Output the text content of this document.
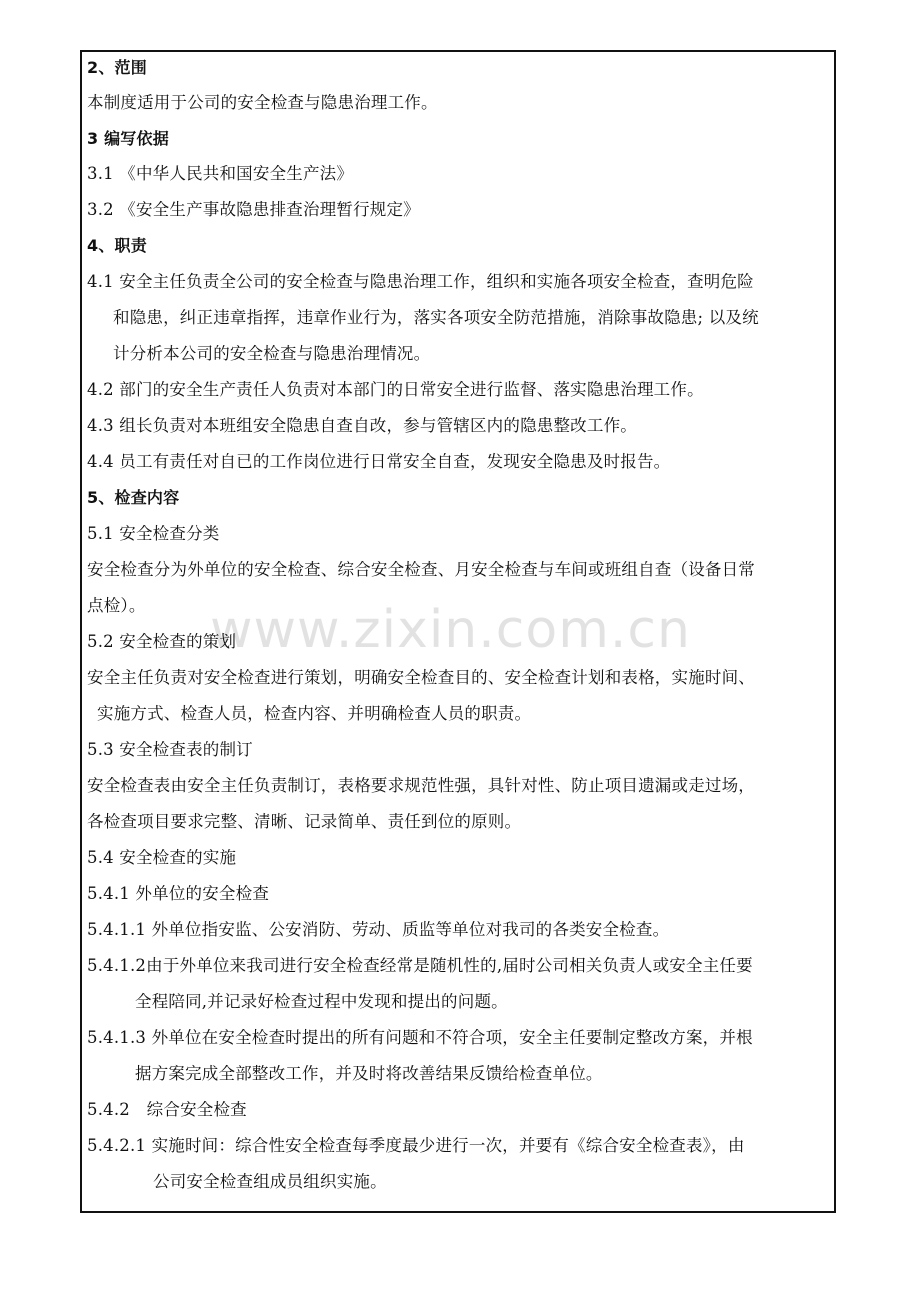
www.zixin.com.cn
2、范围
本制度适用于公司的安全检查与隐患治理工作。
3 编写依据
3.1 《中华人民共和国安全生产法》
3.2 《安全生产事故隐患排查治理暂行规定》
4、职责
4.1 安全主任负责全公司的安全检查与隐患治理工作，组织和实施各项安全检查，查明危险
和隐患，纠正违章指挥，违章作业行为，落实各项安全防范措施，消除事故隐患; 以及统
计分析本公司的安全检查与隐患治理情况。
4.2 部门的安全生产责任人负责对本部门的日常安全进行监督、落实隐患治理工作。
4.3 组长负责对本班组安全隐患自查自改，参与管辖区内的隐患整改工作。
4.4 员工有责任对自已的工作岗位进行日常安全自查，发现安全隐患及时报告。
5、检查内容
5.1 安全检查分类
安全检查分为外单位的安全检查、综合安全检查、月安全检查与车间或班组自查（设备日常
点检）。
5.2 安全检查的策划
安全主任负责对安全检查进行策划，明确安全检查目的、安全检查计划和表格，实施时间、
实施方式、检查人员，检查内容、并明确检查人员的职责。
5.3 安全检查表的制订
安全检查表由安全主任负责制订，表格要求规范性强，具针对性、防止项目遗漏或走过场，
各检查项目要求完整、清晰、记录简单、责任到位的原则。
5.4 安全检查的实施
5.4.1 外单位的安全检查
5.4.1.1 外单位指安监、公安消防、劳动、质监等单位对我司的各类安全检查。
5.4.1.2由于外单位来我司进行安全检查经常是随机性的,届时公司相关负责人或安全主任要
全程陪同,并记录好检查过程中发现和提出的问题。
5.4.1.3 外单位在安全检查时提出的所有问题和不符合项，安全主任要制定整改方案，并根
据方案完成全部整改工作，并及时将改善结果反馈给检查单位。
5.4.2　综合安全检查
5.4.2.1 实施时间：综合性安全检查每季度最少进行一次，并要有《综合安全检查表》，由
公司安全检查组成员组织实施。
